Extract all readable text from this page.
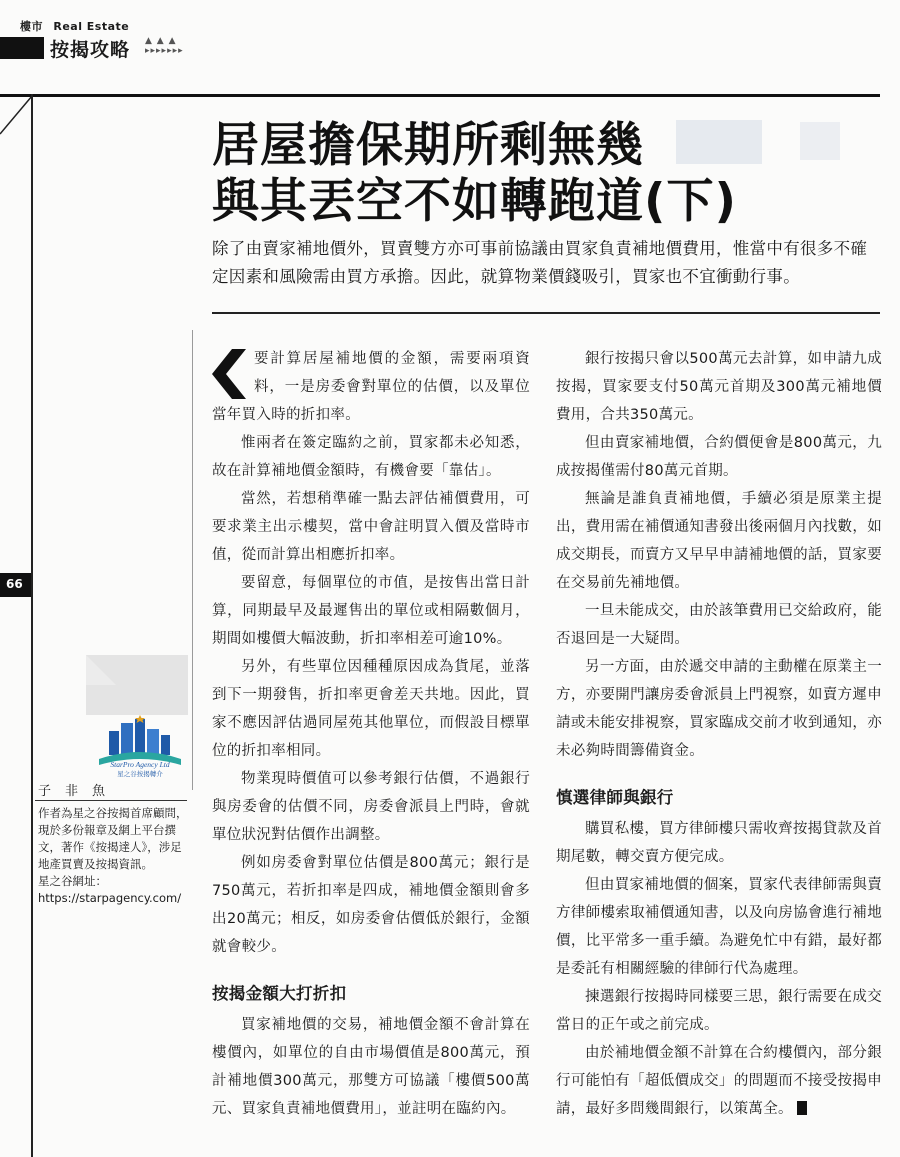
樓市 Real Estate
按揭攻略 ▲ ▲ ▲
▸▸▸▸▸▸▸
居屋擔保期所剩無幾
與其丟空不如轉跑道(下)
除了由賣家補地價外，買賣雙方亦可事前協議由買家負責補地價費用，惟當中有很多不確定因素和風險需由買方承擔。因此，就算物業價錢吸引，買家也不宜衝動行事。
66
StarPro Agency Ltd
星之谷按揭轉介
子非魚
作者為星之谷按揭首席顧問，現於多份報章及網上平台撰文，著作《按揭達人》，涉足地產買賣及按揭資訊。
星之谷網址：
https://starpagency.com/

要計算居屋補地價的金額，需要兩項資料，一是房委會對單位的估價，以及單位當年買入時的折扣率。

惟兩者在簽定臨約之前，買家都未必知悉，故在計算補地價金額時，有機會要「靠估」。

當然，若想稍準確一點去評估補價費用，可要求業主出示樓契，當中會註明買入價及當時市值，從而計算出相應折扣率。

要留意，每個單位的市值，是按售出當日計算，同期最早及最遲售出的單位或相隔數個月，期間如樓價大幅波動，折扣率相差可逾10%。

另外，有些單位因種種原因成為貨尾，並落到下一期發售，折扣率更會差天共地。因此，買家不應因評估過同屋苑其他單位，而假設目標單位的折扣率相同。

物業現時價值可以參考銀行估價，不過銀行與房委會的估價不同，房委會派員上門時，會就單位狀況對估價作出調整。

例如房委會對單位估價是800萬元；銀行是750萬元，若折扣率是四成，補地價金額則會多出20萬元；相反，如房委會估價低於銀行，金額就會較少。

按揭金額大打折扣

買家補地價的交易，補地價金額不會計算在樓價內，如單位的自由市場價值是800萬元，預計補地價300萬元，那雙方可協議「樓價500萬元、買家負責補地價費用」，並註明在臨約內。

銀行按揭只會以500萬元去計算，如申請九成按揭，買家要支付50萬元首期及300萬元補地價費用，合共350萬元。

但由賣家補地價，合約價便會是800萬元，九成按揭僅需付80萬元首期。

無論是誰負責補地價，手續必須是原業主提出，費用需在補價通知書發出後兩個月內找數，如成交期長，而賣方又早早申請補地價的話，買家要在交易前先補地價。

一旦未能成交，由於該筆費用已交給政府，能否退回是一大疑問。

另一方面，由於遞交申請的主動權在原業主一方，亦要開門讓房委會派員上門視察，如賣方遲申請或未能安排視察，買家臨成交前才收到通知，亦未必夠時間籌備資金。

慎選律師與銀行

購買私樓，買方律師樓只需收齊按揭貸款及首期尾數，轉交賣方便完成。

但由買家補地價的個案，買家代表律師需與賣方律師樓索取補價通知書，以及向房協會進行補地價，比平常多一重手續。為避免忙中有錯，最好都是委託有相關經驗的律師行代為處理。

揀選銀行按揭時同樣要三思，銀行需要在成交當日的正午或之前完成。

由於補地價金額不計算在合約樓價內，部分銀行可能怕有「超低價成交」的問題而不接受按揭申請，最好多問幾間銀行，以策萬全。
